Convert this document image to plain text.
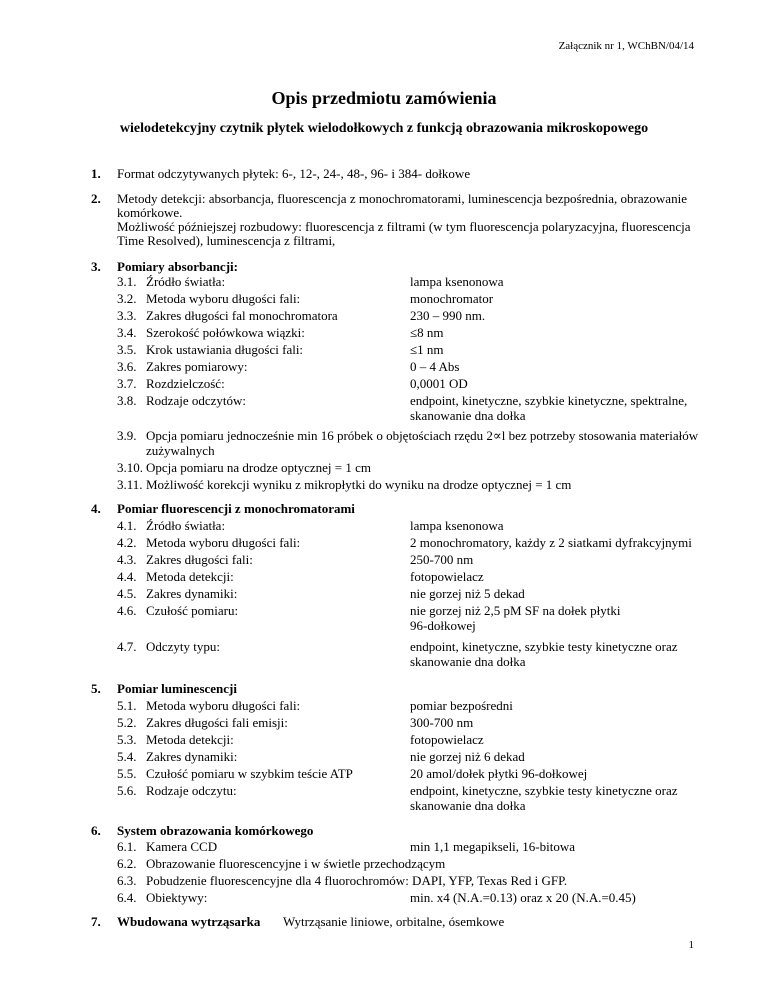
Załącznik nr 1, WChBN/04/14
Opis przedmiotu zamówienia
wielodetekcyjny czytnik płytek wielodołkowych z funkcją obrazowania mikroskopowego
1. Format odczytywanych płytek: 6-, 12-, 24-, 48-, 96- i 384- dołkowe
2. Metody detekcji: absorbancja, fluorescencja z monochromatorami, luminescencja bezpośrednia, obrazowanie
komórkowe.
Możliwość późniejszej rozbudowy: fluorescencja z filtrami (w tym fluorescencja polaryzacyjna, fluorescencja
Time Resolved), luminescencja z filtrami,
3. Pomiary absorbancji:
3.1. Źródło światła:	lampa ksenonowa
3.2. Metoda wyboru długości fali:	monochromator
3.3. Zakres długości fal monochromatora	230 – 990 nm.
3.4. Szerokość połówkowa wiązki:	≤8 nm
3.5. Krok ustawiania długości fali:	≤1 nm
3.6. Zakres pomiarowy:	0 – 4 Abs
3.7. Rozdzielczość:	0,0001 OD
3.8. Rodzaje odczytów:	endpoint, kinetyczne, szybkie kinetyczne, spektralne,
skanowanie dna dołka
3.9. Opcja pomiaru jednocześnie min 16 próbek o objętościach rzędu 2∝l bez potrzeby stosowania materiałów
zużywalnych
3.10. Opcja pomiaru na drodze optycznej = 1 cm
3.11. Możliwość korekcji wyniku z mikropłytki do wyniku na drodze optycznej = 1 cm
4. Pomiar fluorescencji z monochromatorami
4.1. Źródło światła:	lampa ksenonowa
4.2. Metoda wyboru długości fali:	2 monochromatory, każdy z 2 siatkami dyfrakcyjnymi
4.3. Zakres długości fali:	250-700 nm
4.4. Metoda detekcji:	fotopowielacz
4.5. Zakres dynamiki:	nie gorzej niż 5 dekad
4.6. Czułość pomiaru:	nie gorzej niż 2,5 pM SF na dołek płytki
96-dołkowej
4.7. Odczyty typu:	endpoint, kinetyczne, szybkie testy kinetyczne oraz
skanowanie dna dołka
5. Pomiar luminescencji
5.1. Metoda wyboru długości fali:	pomiar bezpośredni
5.2. Zakres długości fali emisji:	300-700 nm
5.3. Metoda detekcji:	fotopowielacz
5.4. Zakres dynamiki:	nie gorzej niż 6 dekad
5.5. Czułość pomiaru w szybkim teście ATP	20 amol/dołek płytki 96-dołkowej
5.6. Rodzaje odczytu:	endpoint, kinetyczne, szybkie testy kinetyczne oraz
skanowanie dna dołka
6. System obrazowania komórkowego
6.1. Kamera CCD	min 1,1 megapikseli, 16-bitowa
6.2. Obrazowanie fluorescencyjne i w świetle przechodzącym
6.3. Pobudzenie fluorescencyjne dla 4 fluorochromów: DAPI, YFP, Texas Red i GFP.
6.4. Obiektywy:	min. x4 (N.A.=0.13) oraz x 20 (N.A.=0.45)
7. Wbudowana wytrząsarka Wytrząsanie liniowe, orbitalne, ósemkowe
1
